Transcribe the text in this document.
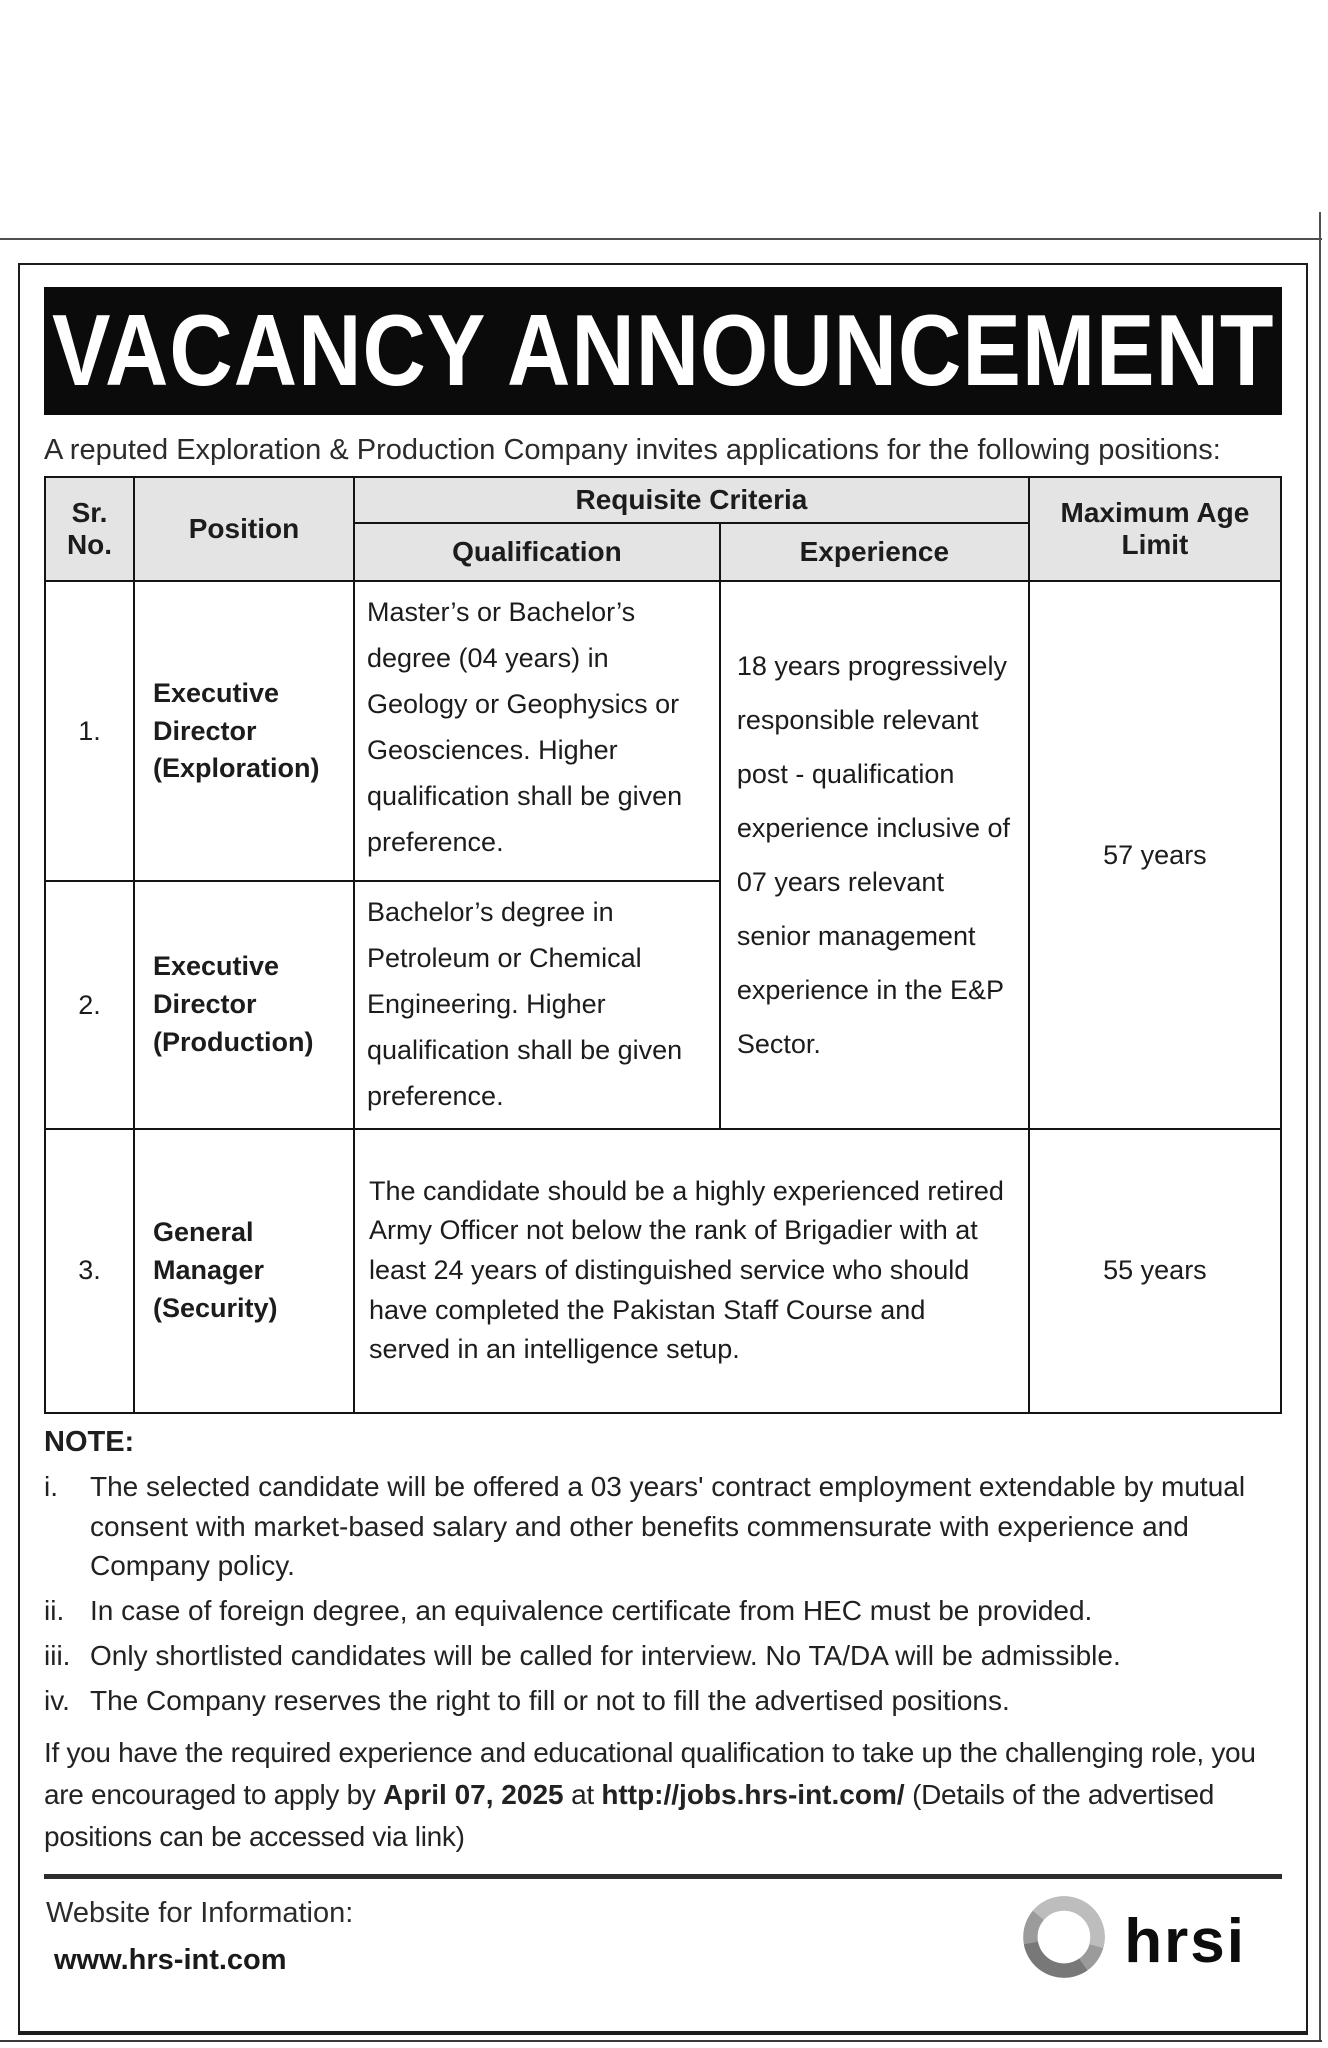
VACANCY ANNOUNCEMENT

A reputed Exploration & Production Company invites applications for the following positions:

Sr. No.	Position	Requisite Criteria		Maximum Age Limit
		Qualification	Experience	
1.	Executive Director (Exploration)	Master’s or Bachelor’s degree (04 years) in Geology or Geophysics or Geosciences. Higher qualification shall be given preference.	18 years progressively responsible relevant post - qualification experience inclusive of 07 years relevant senior management experience in the E&P Sector.	57 years
2.	Executive Director (Production)	Bachelor’s degree in Petroleum or Chemical Engineering. Higher qualification shall be given preference.		
3.	General Manager (Security)	The candidate should be a highly experienced retired Army Officer not below the rank of Brigadier with at least 24 years of distinguished service who should have completed the Pakistan Staff Course and served in an intelligence setup.		55 years
NOTE:
i.	The selected candidate will be offered a 03 years' contract employment extendable by mutual consent with market-based salary and other benefits commensurate with experience and Company policy.
ii. In case of foreign degree, an equivalence certificate from HEC must be provided.
iii. Only shortlisted candidates will be called for interview. No TA/DA will be admissible.
iv. The Company reserves the right to fill or not to fill the advertised positions.

If you have the required experience and educational qualification to take up the challenging role, you are encouraged to apply by April 07, 2025 at http://jobs.hrs-int.com/ (Details of the advertised positions can be accessed via link)

Website for Information:
www.hrs-int.com	hrsi
